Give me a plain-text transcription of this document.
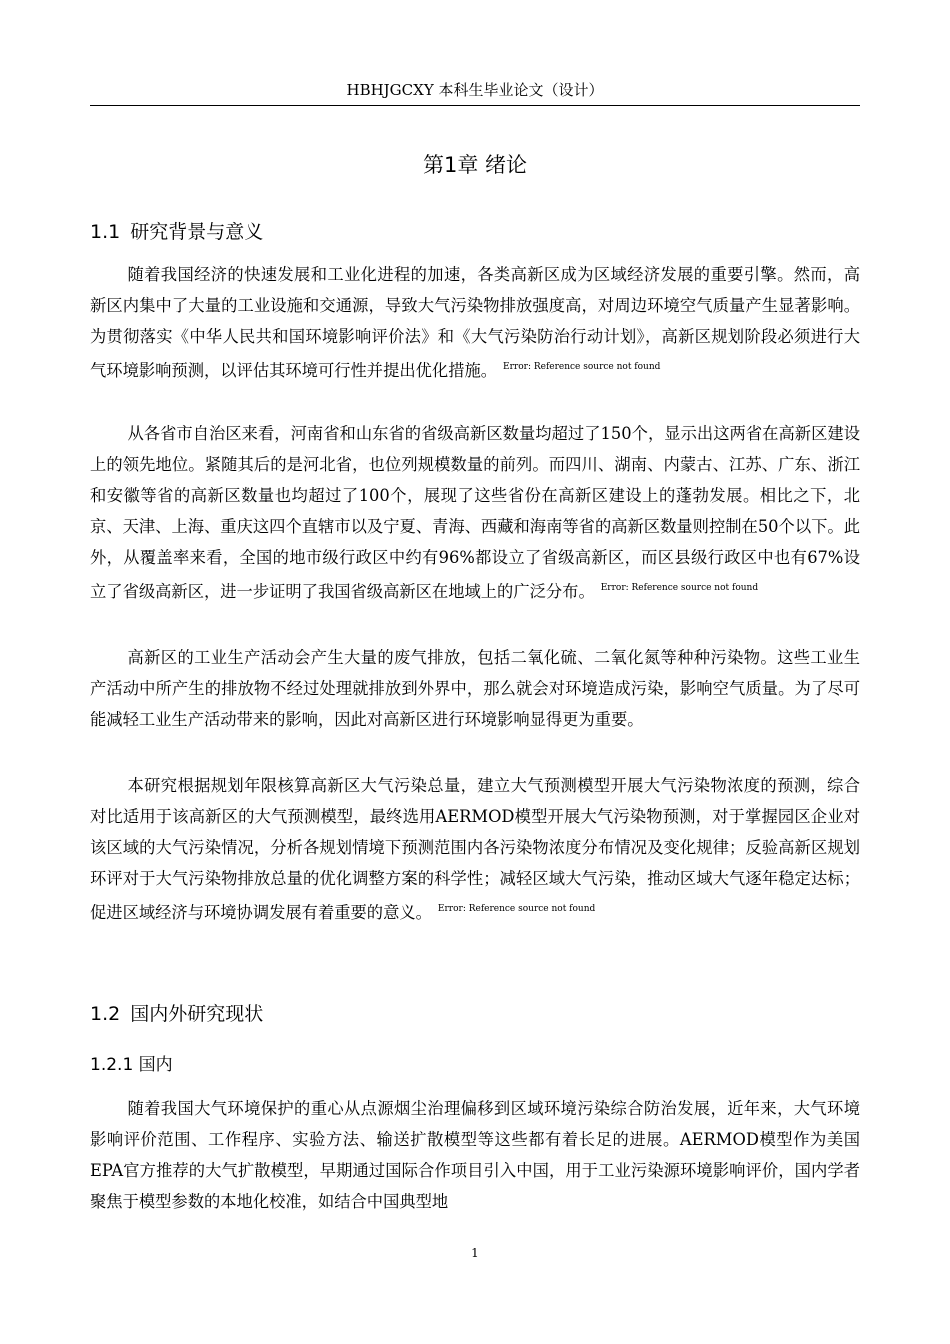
HBHJGCXY 本科生毕业论文（设计）
第1章 绪论
1.1 研究背景与意义

随着我国经济的快速发展和工业化进程的加速，各类高新区成为区域经济发展的重要引擎。然而，高新区内集中了大量的工业设施和交通源，导致大气污染物排放强度高，对周边环境空气质量产生显著影响。为贯彻落实《中华人民共和国环境影响评价法》和《大气污染防治行动计划》，高新区规划阶段必须进行大气环境影响预测，以评估其环境可行性并提出优化措施。 $^{Error: Reference source not found}$

从各省市自治区来看，河南省和山东省的省级高新区数量均超过了150个，显示出这两省在高新区建设上的领先地位。紧随其后的是河北省，也位列规模数量的前列。而四川、湖南、内蒙古、江苏、广东、浙江和安徽等省的高新区数量也均超过了100个，展现了这些省份在高新区建设上的蓬勃发展。相比之下，北京、天津、上海、重庆这四个直辖市以及宁夏、青海、西藏和海南等省的高新区数量则控制在50个以下。此外，从覆盖率来看，全国的地市级行政区中约有96%都设立了省级高新区，而区县级行政区中也有67%设立了省级高新区，进一步证明了我国省级高新区在地域上的广泛分布。 $^{Error: Reference source not found}$

高新区的工业生产活动会产生大量的废气排放，包括二氧化硫、二氧化氮等种种污染物。这些工业生产活动中所产生的排放物不经过处理就排放到外界中，那么就会对环境造成污染，影响空气质量。为了尽可能减轻工业生产活动带来的影响，因此对高新区进行环境影响显得更为重要。

本研究根据规划年限核算高新区大气污染总量，建立大气预测模型开展大气污染物浓度的预测，综合对比适用于该高新区的大气预测模型，最终选用AERMOD模型开展大气污染物预测，对于掌握园区企业对该区域的大气污染情况，分析各规划情境下预测范围内各污染物浓度分布情况及变化规律；反验高新区规划环评对于大气污染物排放总量的优化调整方案的科学性；减轻区域大气污染，推动区域大气逐年稳定达标；促进区域经济与环境协调发展有着重要的意义。 $^{Error: Reference source not found}$

1.2 国内外研究现状
1.2.1 国内

随着我国大气环境保护的重心从点源烟尘治理偏移到区域环境污染综合防治发展，近年来，大气环境影响评价范围、工作程序、实验方法、输送扩散模型等这些都有着长足的进展。AERMOD模型作为美国EPA官方推荐的大气扩散模型，早期通过国际合作项目引入中国，用于工业污染源环境影响评价，国内学者聚焦于模型参数的本地化校准，如结合中国典型地

1
